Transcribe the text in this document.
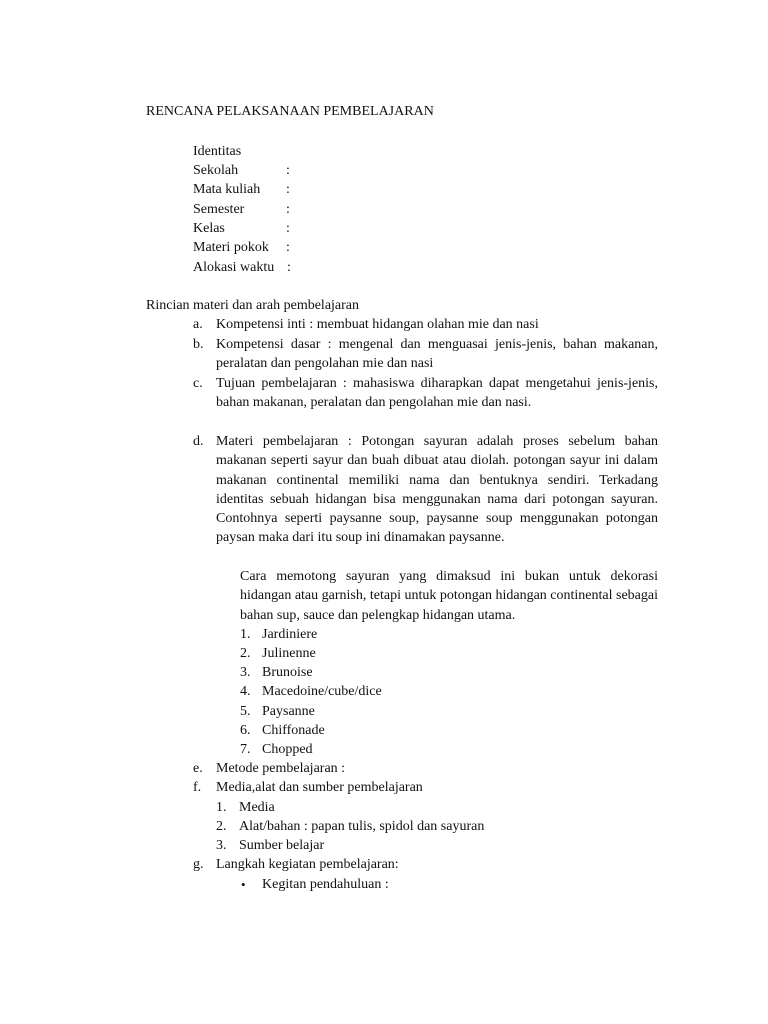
RENCANA PELAKSANAAN PEMBELAJARAN
Identitas
Sekolah	:
Mata kuliah :
Semester	:
Kelas	:
Materi pokok :
Alokasi waktu :
Rincian materi dan arah pembelajaran
a. Kompetensi inti : membuat hidangan olahan mie dan nasi
b. Kompetensi dasar : mengenal dan menguasai jenis-jenis, bahan makanan, peralatan dan pengolahan mie dan nasi
c. Tujuan pembelajaran : mahasiswa diharapkan dapat mengetahui jenis-jenis, bahan makanan, peralatan dan pengolahan mie dan nasi.
d. Materi pembelajaran : Potongan sayuran adalah proses sebelum bahan makanan seperti sayur dan buah dibuat atau diolah. potongan sayur ini dalam makanan continental memiliki nama dan bentuknya sendiri. Terkadang identitas sebuah hidangan bisa menggunakan nama dari potongan sayuran. Contohnya seperti paysanne soup, paysanne soup menggunakan potongan paysan maka dari itu soup ini dinamakan paysanne.
Cara memotong sayuran yang dimaksud ini bukan untuk dekorasi hidangan atau garnish, tetapi untuk potongan hidangan continental sebagai bahan sup, sauce dan pelengkap hidangan utama.
1. Jardiniere
2. Julinenne
3. Brunoise
4. Macedoine/cube/dice
5. Paysanne
6. Chiffonade
7. Chopped
e. Metode pembelajaran :
f. Media,alat dan sumber pembelajaran
1. Media
2. Alat/bahan : papan tulis, spidol dan sayuran
3. Sumber belajar
g. Langkah kegiatan pembelajaran:
• Kegitan pendahuluan :
